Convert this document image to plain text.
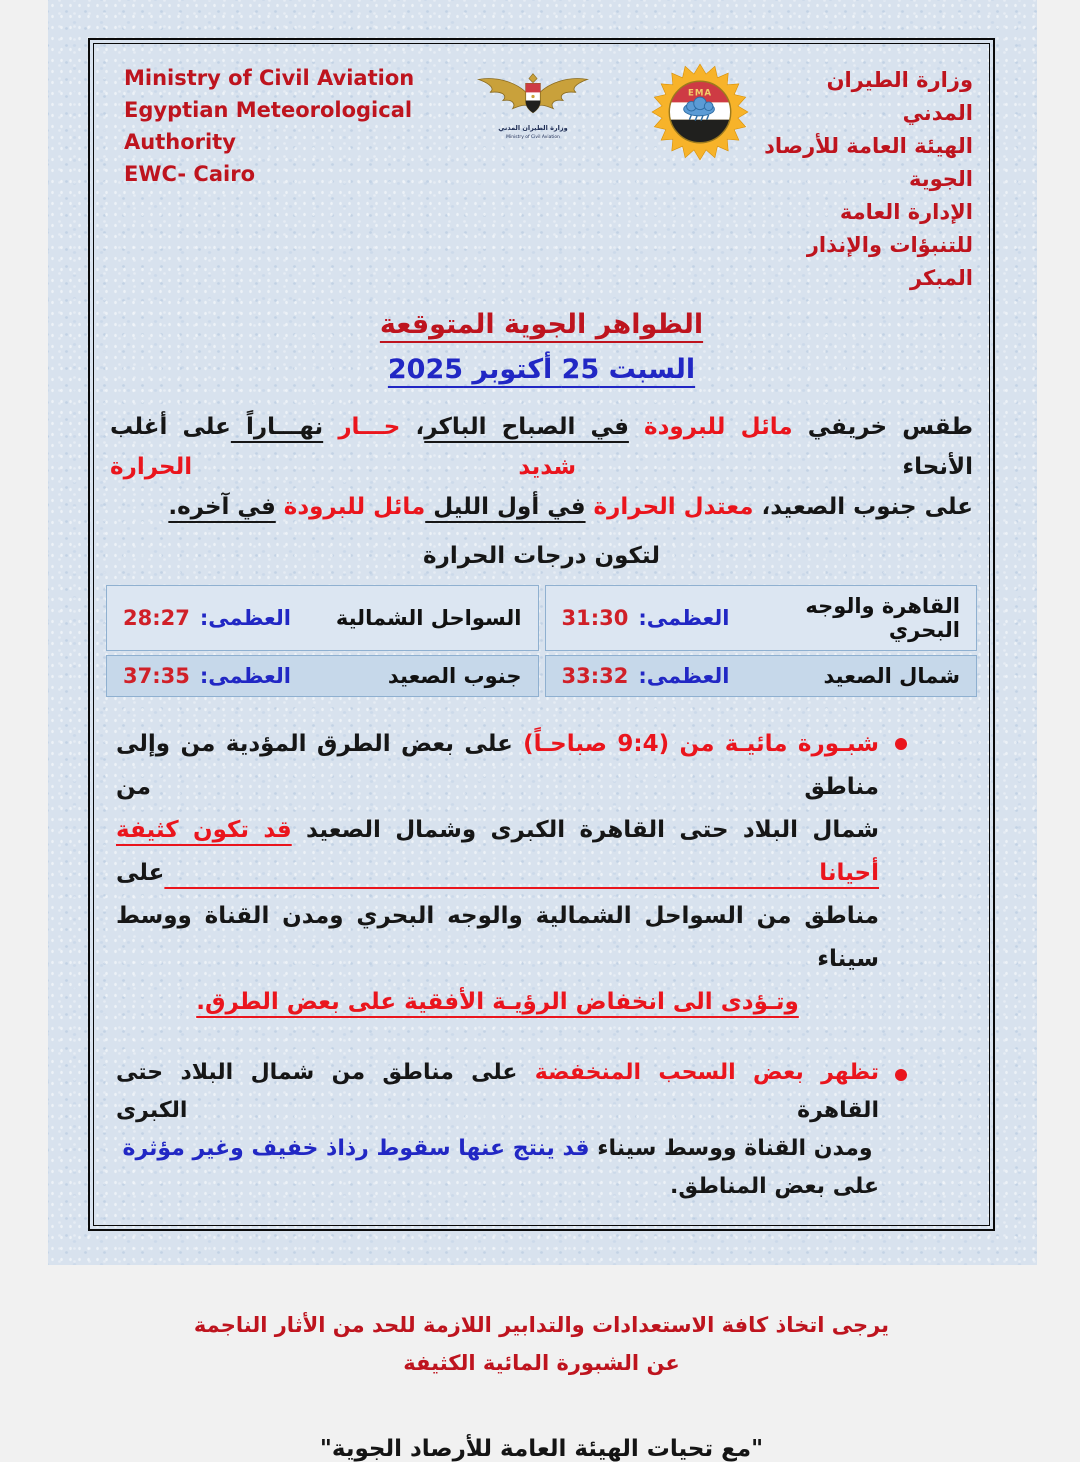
Ministry of Civil Aviation
Egyptian Meteorological Authority
EWC- Cairo
وزارة الطيران المدني
Ministry of Civil Aviation
EMA
وزارة الطيران المدني
الهيئة العامة للأرصاد الجوية
الإدارة العامة للتنبؤات والإنذار المبكر
الظواهر الجوية المتوقعة
السبت 25 أكتوبر 2025
طقس خريفي مائل للبرودة في الصباح الباكر، حـــار نهـــاراً على أغلب الأنحاء شديد الحرارة
على جنوب الصعيد، معتدل الحرارة في أول الليل مائل للبرودة في آخره.
لتكون درجات الحرارة
القاهرة والوجه البحري
العظمى:
31:30
السواحل الشمالية
العظمى:
28:27
شمال الصعيد
العظمى:
33:32
جنوب الصعيد
العظمى:
37:35
شبـورة مائيـة من (9:4 صباحـاً) على بعض الطرق المؤدية من وإلى مناطق من
شمال البلاد حتى القاهرة الكبرى وشمال الصعيد قد تكون كثيفة أحيانا على
مناطق من السواحل الشمالية والوجه البحري ومدن القناة ووسط سيناء
وتـؤدى الى انخفاض الرؤيـة الأفقية على بعض الطرق.
تظهر بعض السحب المنخفضة على مناطق من شمال البلاد حتى القاهرة الكبرى
ومدن القناة ووسط سيناء قد ينتج عنها سقوط رذاذ خفيف وغير مؤثرة
على بعض المناطق.
يرجى اتخاذ كافة الاستعدادات والتدابير اللازمة للحد من الأثار الناجمة
عن الشبورة المائية الكثيفة
"مع تحيات الهيئة العامة للأرصاد الجوية"
